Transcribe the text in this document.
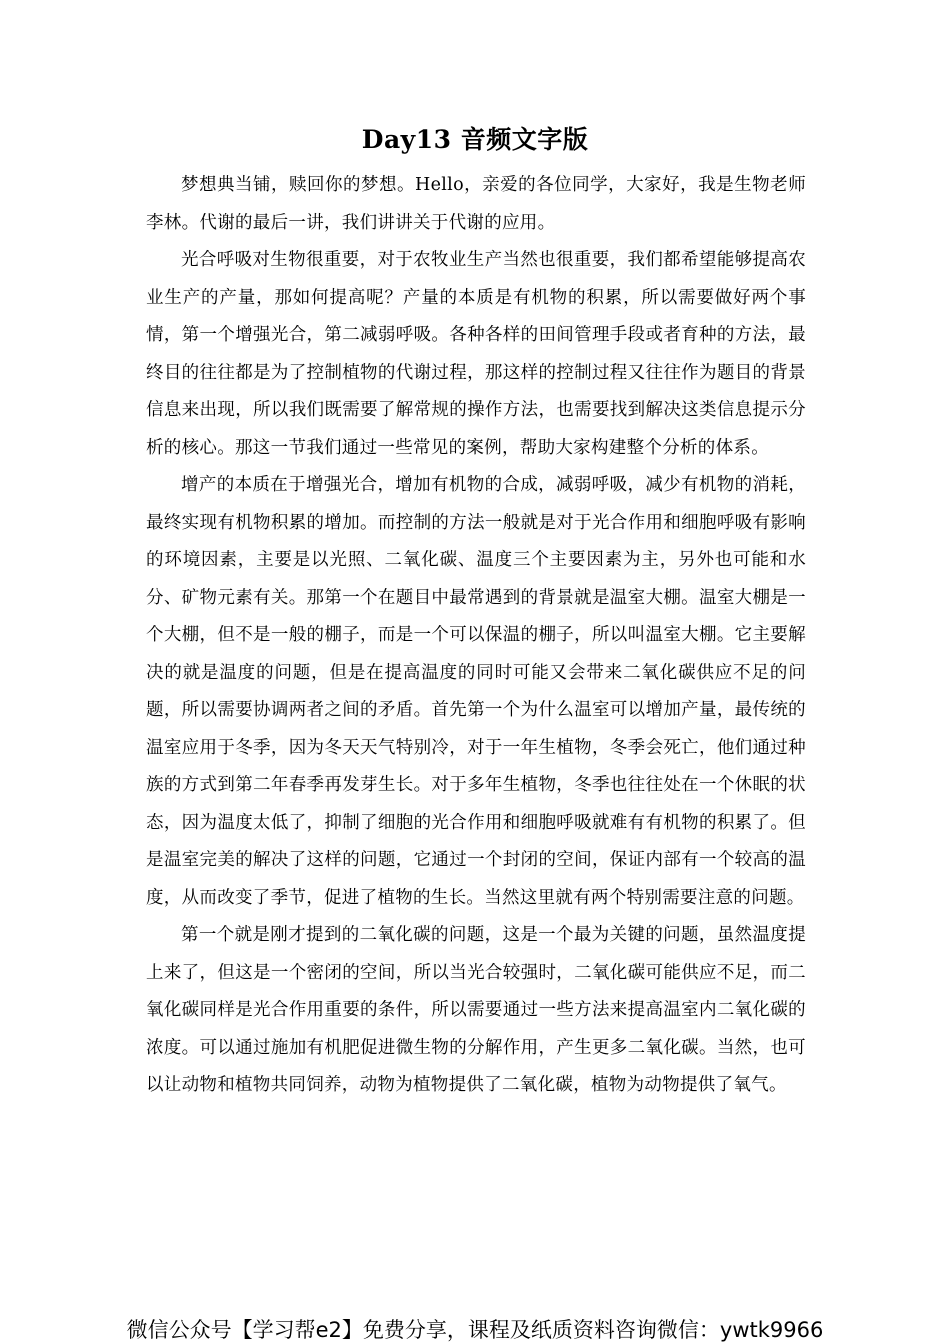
Day13 音频文字版

梦想典当铺，赎回你的梦想。Hello，亲爱的各位同学，大家好，我是生物老师李林。代谢的最后一讲，我们讲讲关于代谢的应用。

光合呼吸对生物很重要，对于农牧业生产当然也很重要，我们都希望能够提高农业生产的产量，那如何提高呢？产量的本质是有机物的积累，所以需要做好两个事情，第一个增强光合，第二减弱呼吸。各种各样的田间管理手段或者育种的方法，最终目的往往都是为了控制植物的代谢过程，那这样的控制过程又往往作为题目的背景信息来出现，所以我们既需要了解常规的操作方法，也需要找到解决这类信息提示分析的核心。那这一节我们通过一些常见的案例，帮助大家构建整个分析的体系。

增产的本质在于增强光合，增加有机物的合成，减弱呼吸，减少有机物的消耗，最终实现有机物积累的增加。而控制的方法一般就是对于光合作用和细胞呼吸有影响的环境因素，主要是以光照、二氧化碳、温度三个主要因素为主，另外也可能和水分、矿物元素有关。那第一个在题目中最常遇到的背景就是温室大棚。温室大棚是一个大棚，但不是一般的棚子，而是一个可以保温的棚子，所以叫温室大棚。它主要解决的就是温度的问题，但是在提高温度的同时可能又会带来二氧化碳供应不足的问题，所以需要协调两者之间的矛盾。首先第一个为什么温室可以增加产量，最传统的温室应用于冬季，因为冬天天气特别冷，对于一年生植物，冬季会死亡，他们通过种族的方式到第二年春季再发芽生长。对于多年生植物，冬季也往往处在一个休眠的状态，因为温度太低了，抑制了细胞的光合作用和细胞呼吸就难有有机物的积累了。但是温室完美的解决了这样的问题，它通过一个封闭的空间，保证内部有一个较高的温度，从而改变了季节，促进了植物的生长。当然这里就有两个特别需要注意的问题。

第一个就是刚才提到的二氧化碳的问题，这是一个最为关键的问题，虽然温度提上来了，但这是一个密闭的空间，所以当光合较强时，二氧化碳可能供应不足，而二氧化碳同样是光合作用重要的条件，所以需要通过一些方法来提高温室内二氧化碳的浓度。可以通过施加有机肥促进微生物的分解作用，产生更多二氧化碳。当然，也可以让动物和植物共同饲养，动物为植物提供了二氧化碳，植物为动物提供了氧气。

微信公众号【学习帮e2】免费分享，课程及纸质资料咨询微信：ywtk9966
